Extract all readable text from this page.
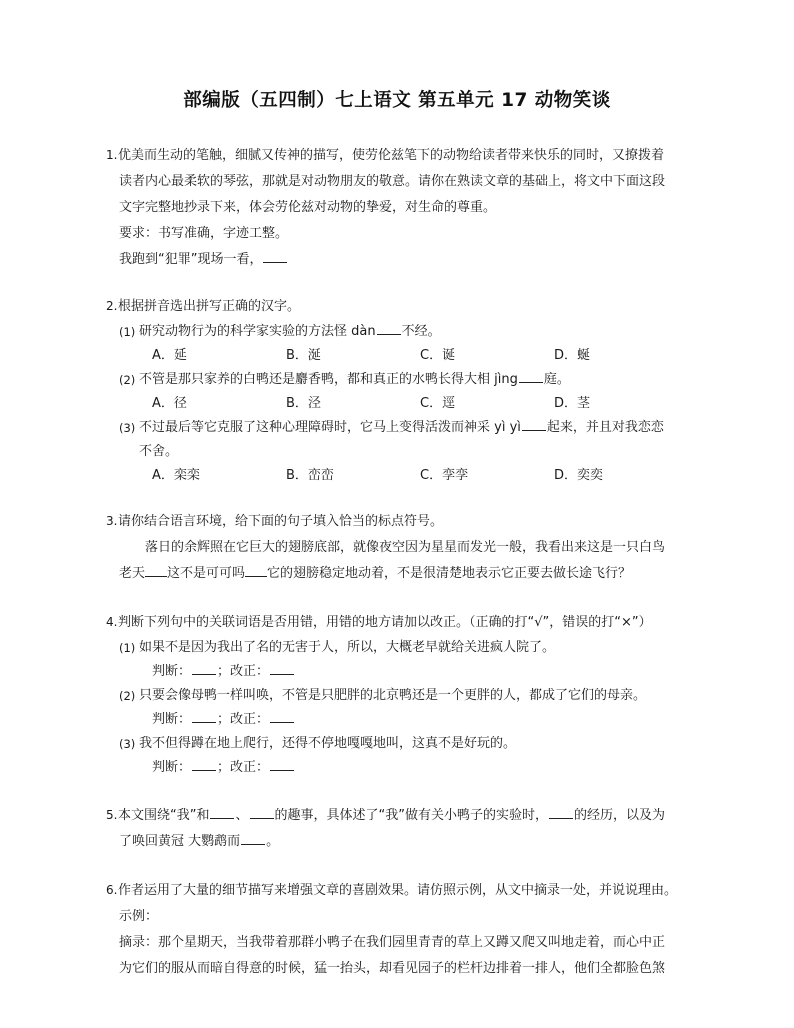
部编版（五四制）七上语文 第五单元 17 动物笑谈
1.优美而生动的笔触，细腻又传神的描写，使劳伦兹笔下的动物给读者带来快乐的同时，又撩拨着
读者内心最柔软的琴弦，那就是对动物朋友的敬意。请你在熟读文章的基础上，将文中下面这段
文字完整地抄录下来，体会劳伦兹对动物的挚爱，对生命的尊重。
要求：书写准确，字迹工整。
我跑到“犯罪”现场一看，
2.根据拼音选出拼写正确的汉字。
(1) 研究动物行为的科学家实验的方法怪 dàn 不经。
A．延	B．涎	C．诞	D．蜒
(2) 不管是那只家养的白鸭还是麝香鸭，都和真正的水鸭长得大相 jìng 庭。
A．径	B．泾	C．逕	D．茎
(3) 不过最后等它克服了这种心理障碍时，它马上变得活泼而神采 yì yì 起来，并且对我恋恋
不舍。
A．栾栾	B．峦峦	C．孪孪	D．奕奕
3.请你结合语言环境，给下面的句子填入恰当的标点符号。
落日的余辉照在它巨大的翅膀底部，就像夜空因为星星而发光一般，我看出来这是一只白鸟
老天 这不是可可吗 它的翅膀稳定地动着，不是很清楚地表示它正要去做长途飞行？
4.判断下列句中的关联词语是否用错，用错的地方请加以改正。（正确的打“√”，错误的打“×”）
(1) 如果不是因为我出了名的无害于人，所以，大概老早就给关进疯人院了。
判断： ；改正：
(2) 只要会像母鸭一样叫唤，不管是只肥胖的北京鸭还是一个更胖的人，都成了它们的母亲。
判断： ；改正：
(3) 我不但得蹲在地上爬行，还得不停地嘎嘎地叫，这真不是好玩的。
判断： ；改正：
5.本文围绕“我”和 、 的趣事，具体述了“我”做有关小鸭子的实验时， 的经历，以及为
了唤回黄冠 大鹦鹉而 。
6.作者运用了大量的细节描写来增强文章的喜剧效果。请仿照示例，从文中摘录一处，并说说理由。
示例：
摘录：那个星期天，当我带着那群小鸭子在我们园里青青的草上又蹲又爬又叫地走着，而心中正
为它们的服从而暗自得意的时候，猛一抬头，却看见园子的栏杆边排着一排人，他们全都脸色煞
